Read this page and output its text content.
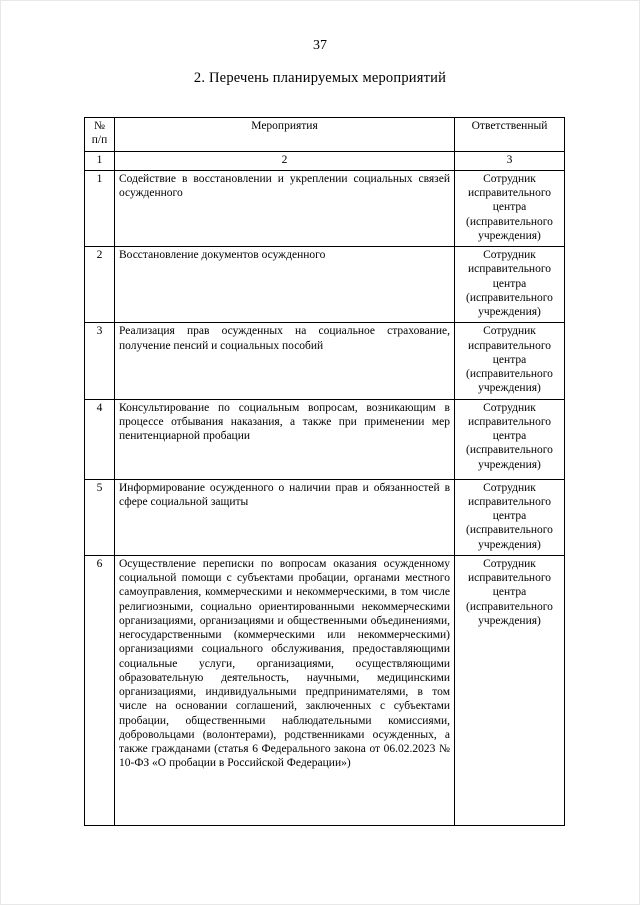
37
2. Перечень планируемых мероприятий
№ п/п	Мероприятия	Ответственный
1	2	3
1	Содействие в восстановлении и укреплении социальных связей осужденного	Сотрудник исправительного центра (исправительного учреждения)
2	Восстановление документов осужденного	Сотрудник исправительного центра (исправительного учреждения)
3	Реализация прав осужденных на социальное страхование, получение пенсий и социальных пособий	Сотрудник исправительного центра (исправительного учреждения)
4	Консультирование по социальным вопросам, возникающим в процессе отбывания наказания, а также при применении мер пенитенциарной пробации	Сотрудник исправительного центра (исправительного учреждения)
5	Информирование осужденного о наличии прав и обязанностей в сфере социальной защиты	Сотрудник исправительного центра (исправительного учреждения)
6	Осуществление переписки по вопросам оказания осужденному социальной помощи с субъектами пробации, органами местного самоуправления, коммерческими и некоммерческими, в том числе религиозными, социально ориентированными некоммерческими организациями, организациями и общественными объединениями, негосударственными (коммерческими или некоммерческими) организациями социального обслуживания, предоставляющими социальные услуги, организациями, осуществляющими образовательную деятельность, научными, медицинскими организациями, индивидуальными предпринимателями, в том числе на основании соглашений, заключенных с субъектами пробации, общественными наблюдательными комиссиями, добровольцами (волонтерами), родственниками осужденных, а также гражданами (статья 6 Федерального закона от 06.02.2023 № 10-ФЗ «О пробации в Российской Федерации»)	Сотрудник исправительного центра (исправительного учреждения)
